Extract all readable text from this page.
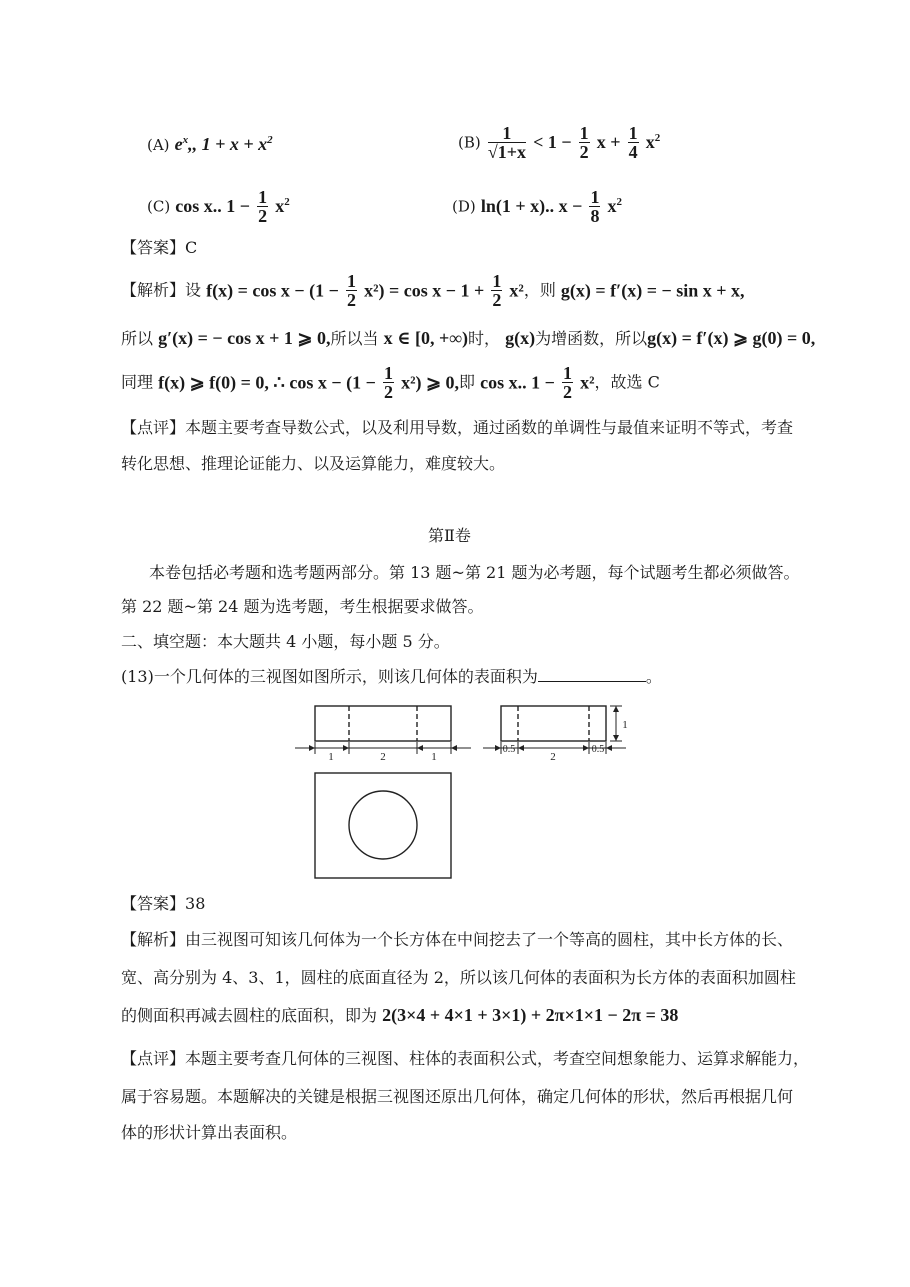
(A) $e^x$,, $1 + x + x^2$	$(B) \frac{1}{√1+x} < 1 - \frac{1}{2}$ $x + \frac{1}{4} x^2$
(C) cos x.. $1 - \frac{1}{2} x^2$	(D) ln(1 + x).. $x - \frac{1}{8} x^2$
【答案】C
【解析】设 $f(x) = \cos x - (1 - \frac{1}{2} x^2) = \cos x - 1 + \frac{1}{2} x^2$，则 g(x) = f′(x) = − sin x + x,
所以 g′(x) = − cos x + 1 ⩾ 0,所以当 x ∈ [0, +∞)时， g(x)为增函数，所以g(x) = f′(x) ⩾ g(0) = 0,
同理 f(x) ⩾ f(0) = 0, ∴ $\cos x - (1 - \frac{1}{2} x^2)$ ⩾ 0,即 cos x.. $1 - \frac{1}{2} x^2$，故选 C
【点评】本题主要考查导数公式，以及利用导数，通过函数的单调性与最值来证明不等式，考查
转化思想、推理论证能力、以及运算能力，难度较大。
第Ⅱ卷
本卷包括必考题和选考题两部分。第 13 题~第 21 题为必考题，每个试题考生都必须做答。
第 22 题~第 24 题为选考题，考生根据要求做答。
二、填空题：本大题共 4 小题，每小题 5 分。
(13)一个几何体的三视图如图所示，则该几何体的表面积为	。
1	2	1
0.5
2
0.5
1
【答案】38
【解析】由三视图可知该几何体为一个长方体在中间挖去了一个等高的圆柱，其中长方体的长、
宽、高分别为 4、3、1，圆柱的底面直径为 2，所以该几何体的表面积为长方体的表面积加圆柱
的侧面积再减去圆柱的底面积，即为 2(3×4 + 4×1 + 3×1) + 2π×1×1 − 2π = 38
【点评】本题主要考查几何体的三视图、柱体的表面积公式，考查空间想象能力、运算求解能力，
属于容易题。本题解决的关键是根据三视图还原出几何体，确定几何体的形状，然后再根据几何
体的形状计算出表面积。
